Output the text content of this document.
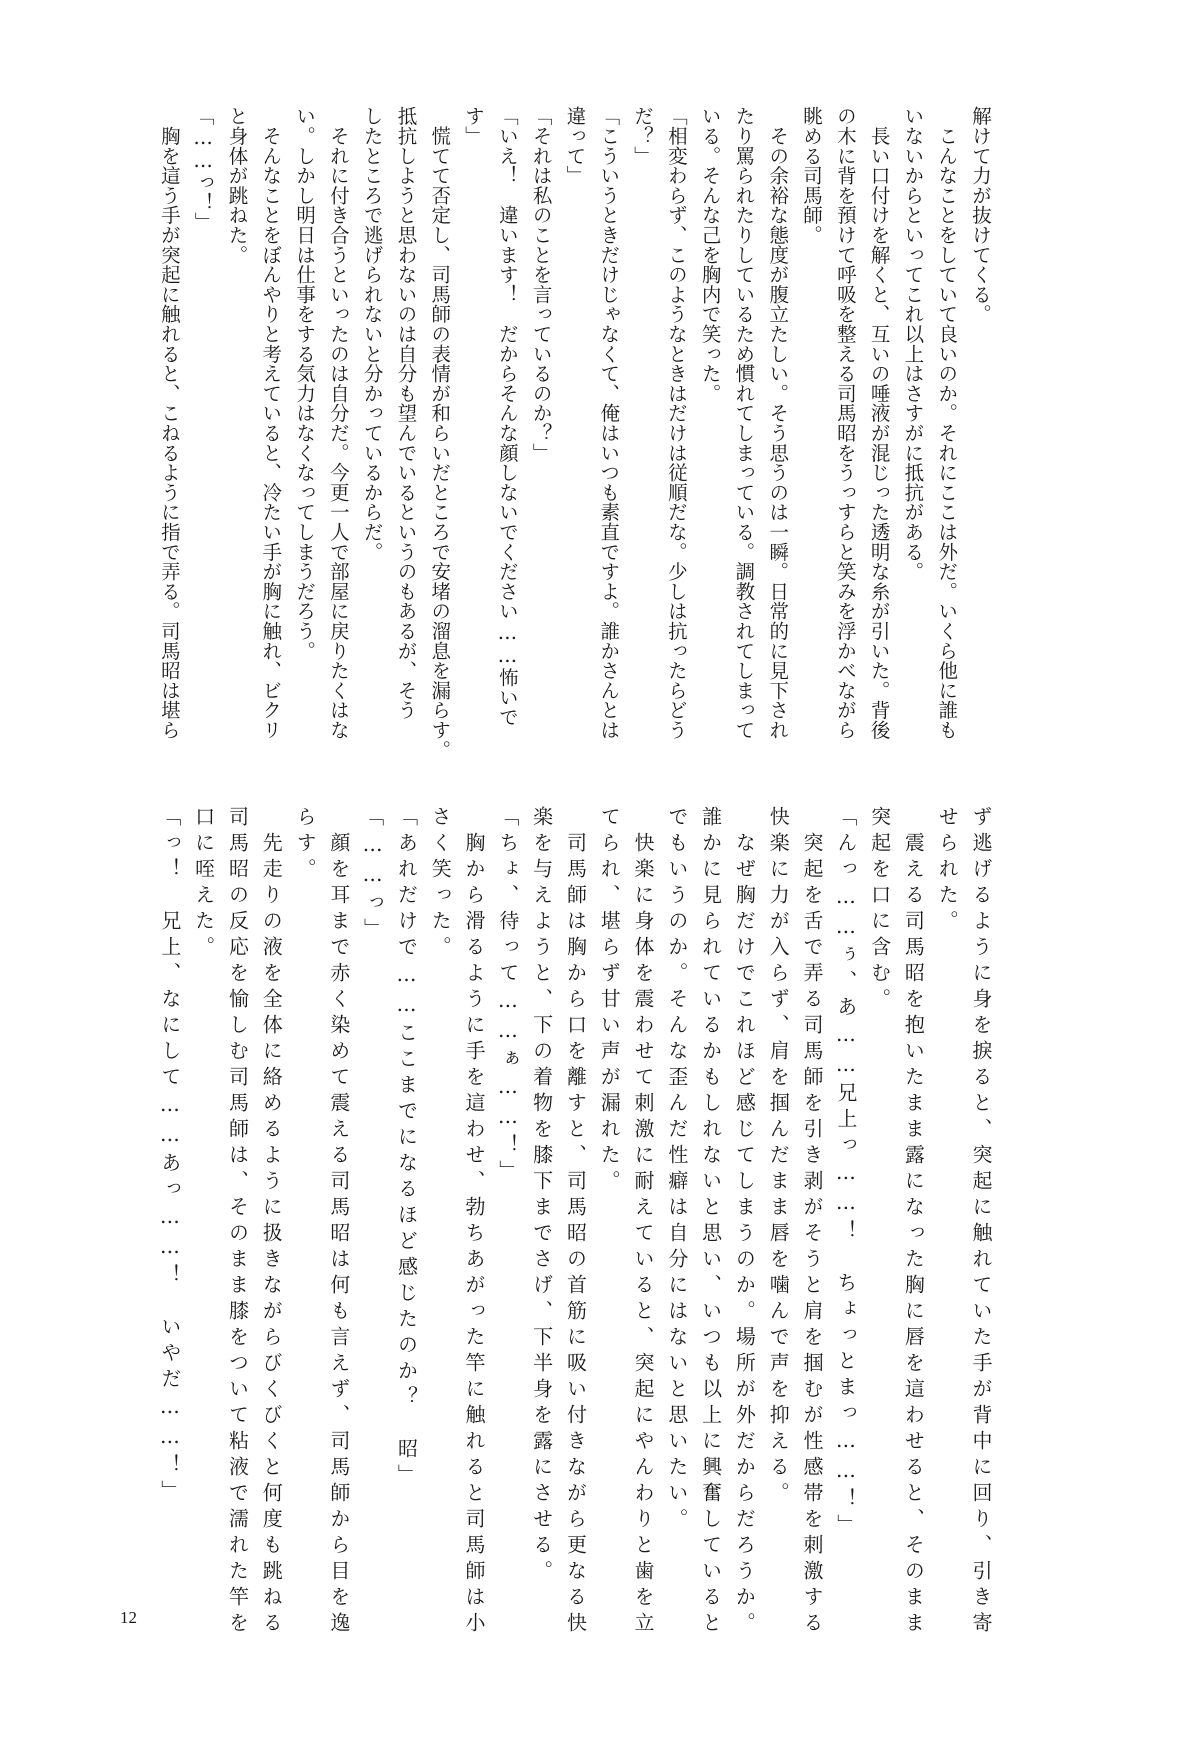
解けて力が抜けてくる。
　こんなことをしていて良いのか。それにここは外だ。いくら他に誰も
いないからといってこれ以上はさすがに抵抗がある。
　長い口付けを解くと、互いの唾液が混じった透明な糸が引いた。背後
の木に背を預けて呼吸を整える司馬昭をうっすらと笑みを浮かべながら
眺める司馬師。
　その余裕な態度が腹立たしい。そう思うのは一瞬。日常的に見下され
たり罵られたりしているため慣れてしまっている。調教されてしまって
いる。そんな己を胸内で笑った。
「相変わらず、このようなときはだけは従順だな。少しは抗ったらどう
だ？」
「こういうときだけじゃなくて、俺はいつも素直ですよ。誰かさんとは
違って」
「それは私のことを言っているのか？」
「いえ！　違います！　だからそんな顔しないでください……怖いで
す」
　慌てて否定し、司馬師の表情が和らいだところで安堵の溜息を漏らす。
抵抗しようと思わないのは自分も望んでいるというのもあるが、そう
したところで逃げられないと分かっているからだ。
　それに付き合うといったのは自分だ。今更一人で部屋に戻りたくはな
い。しかし明日は仕事をする気力はなくなってしまうだろう。
　そんなことをぼんやりと考えていると、冷たい手が胸に触れ、ビクリ
と身体が跳ねた。
「……っ！」
　胸を這う手が突起に触れると、こねるように指で弄る。司馬昭は堪ら
ず逃げるように身を捩ると、突起に触れていた手が背中に回り、引き寄
せられた。
　震える司馬昭を抱いたまま露になった胸に唇を這わせると、そのまま
突起を口に含む。
「んっ……ぅ、あ……兄上っ……！　ちょっとまっ……！」
　突起を舌で弄る司馬師を引き剥がそうと肩を掴むが性感帯を刺激する
快楽に力が入らず、肩を掴んだまま唇を噛んで声を抑える。
　なぜ胸だけでこれほど感じてしまうのか。場所が外だからだろうか。
誰かに見られているかもしれないと思い、いつも以上に興奮していると
でもいうのか。そんな歪んだ性癖は自分にはないと思いたい。
　快楽に身体を震わせて刺激に耐えていると、突起にやんわりと歯を立
てられ、堪らず甘い声が漏れた。
　司馬師は胸から口を離すと、司馬昭の首筋に吸い付きながら更なる快
楽を与えようと、下の着物を膝下までさげ、下半身を露にさせる。
「ちょ、待って……ぁ……！」
　胸から滑るように手を這わせ、勃ちあがった竿に触れると司馬師は小
さく笑った。
「あれだけで……ここまでになるほど感じたのか？　昭」
「……っ」
　顔を耳まで赤く染めて震える司馬昭は何も言えず、司馬師から目を逸
らす。
　先走りの液を全体に絡めるように扱きながらびくびくと何度も跳ねる
司馬昭の反応を愉しむ司馬師は、そのまま膝をついて粘液で濡れた竿を
口に咥えた。
「っ！　兄上、なにして……あっ……！　いやだ……！」
12
